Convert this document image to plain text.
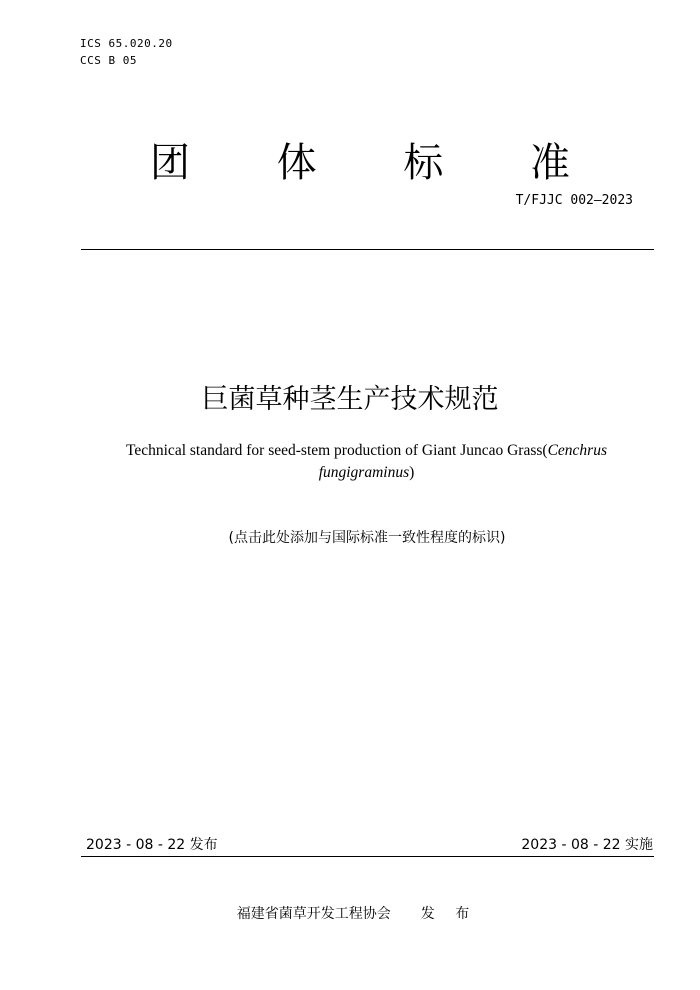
ICS 65.020.20
CCS B 05
团 体 标 准
T/FJJC 002—2023
巨菌草种茎生产技术规范
Technical standard for seed-stem production of Giant Juncao Grass(Cenchrus fungigraminus)
(点击此处添加与国际标准一致性程度的标识)
2023 - 08 - 22 发布	2023 - 08 - 22 实施
福建省菌草开发工程协会 发 布
